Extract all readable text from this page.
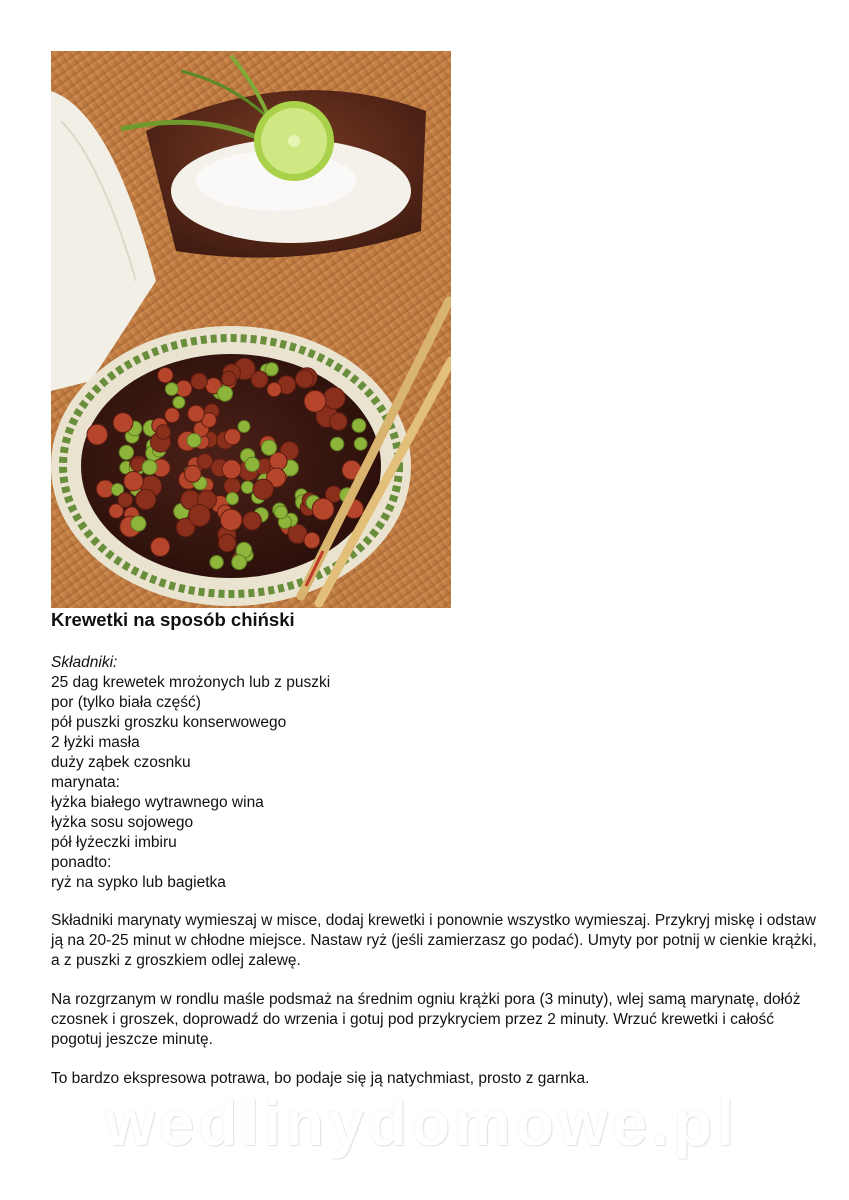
Krewetki na sposób chiński
Składniki:
25 dag krewetek mrożonych lub z puszki
por (tylko biała część)
pół puszki groszku konserwowego
2 łyżki masła
duży ząbek czosnku
marynata:
łyżka białego wytrawnego wina
łyżka sosu sojowego
pół łyżeczki imbiru
ponadto:
ryż na sypko lub bagietka
Składniki marynaty wymieszaj w misce, dodaj krewetki i ponownie wszystko wymieszaj. Przykryj miskę i odstaw ją na 20-25 minut w chłodne miejsce. Nastaw ryż (jeśli zamierzasz go podać). Umyty por potnij w cienkie krążki, a z puszki z groszkiem odlej zalewę.
Na rozgrzanym w rondlu maśle podsmaż na średnim ogniu krążki pora (3 minuty), wlej samą marynatę, dołóż czosnek i groszek, doprowadź do wrzenia i gotuj pod przykryciem przez 2 minuty. Wrzuć krewetki i całość pogotuj jeszcze minutę.
To bardzo ekspresowa potrawa, bo podaje się ją natychmiast, prosto z garnka.
wedlinydomowe.pl
